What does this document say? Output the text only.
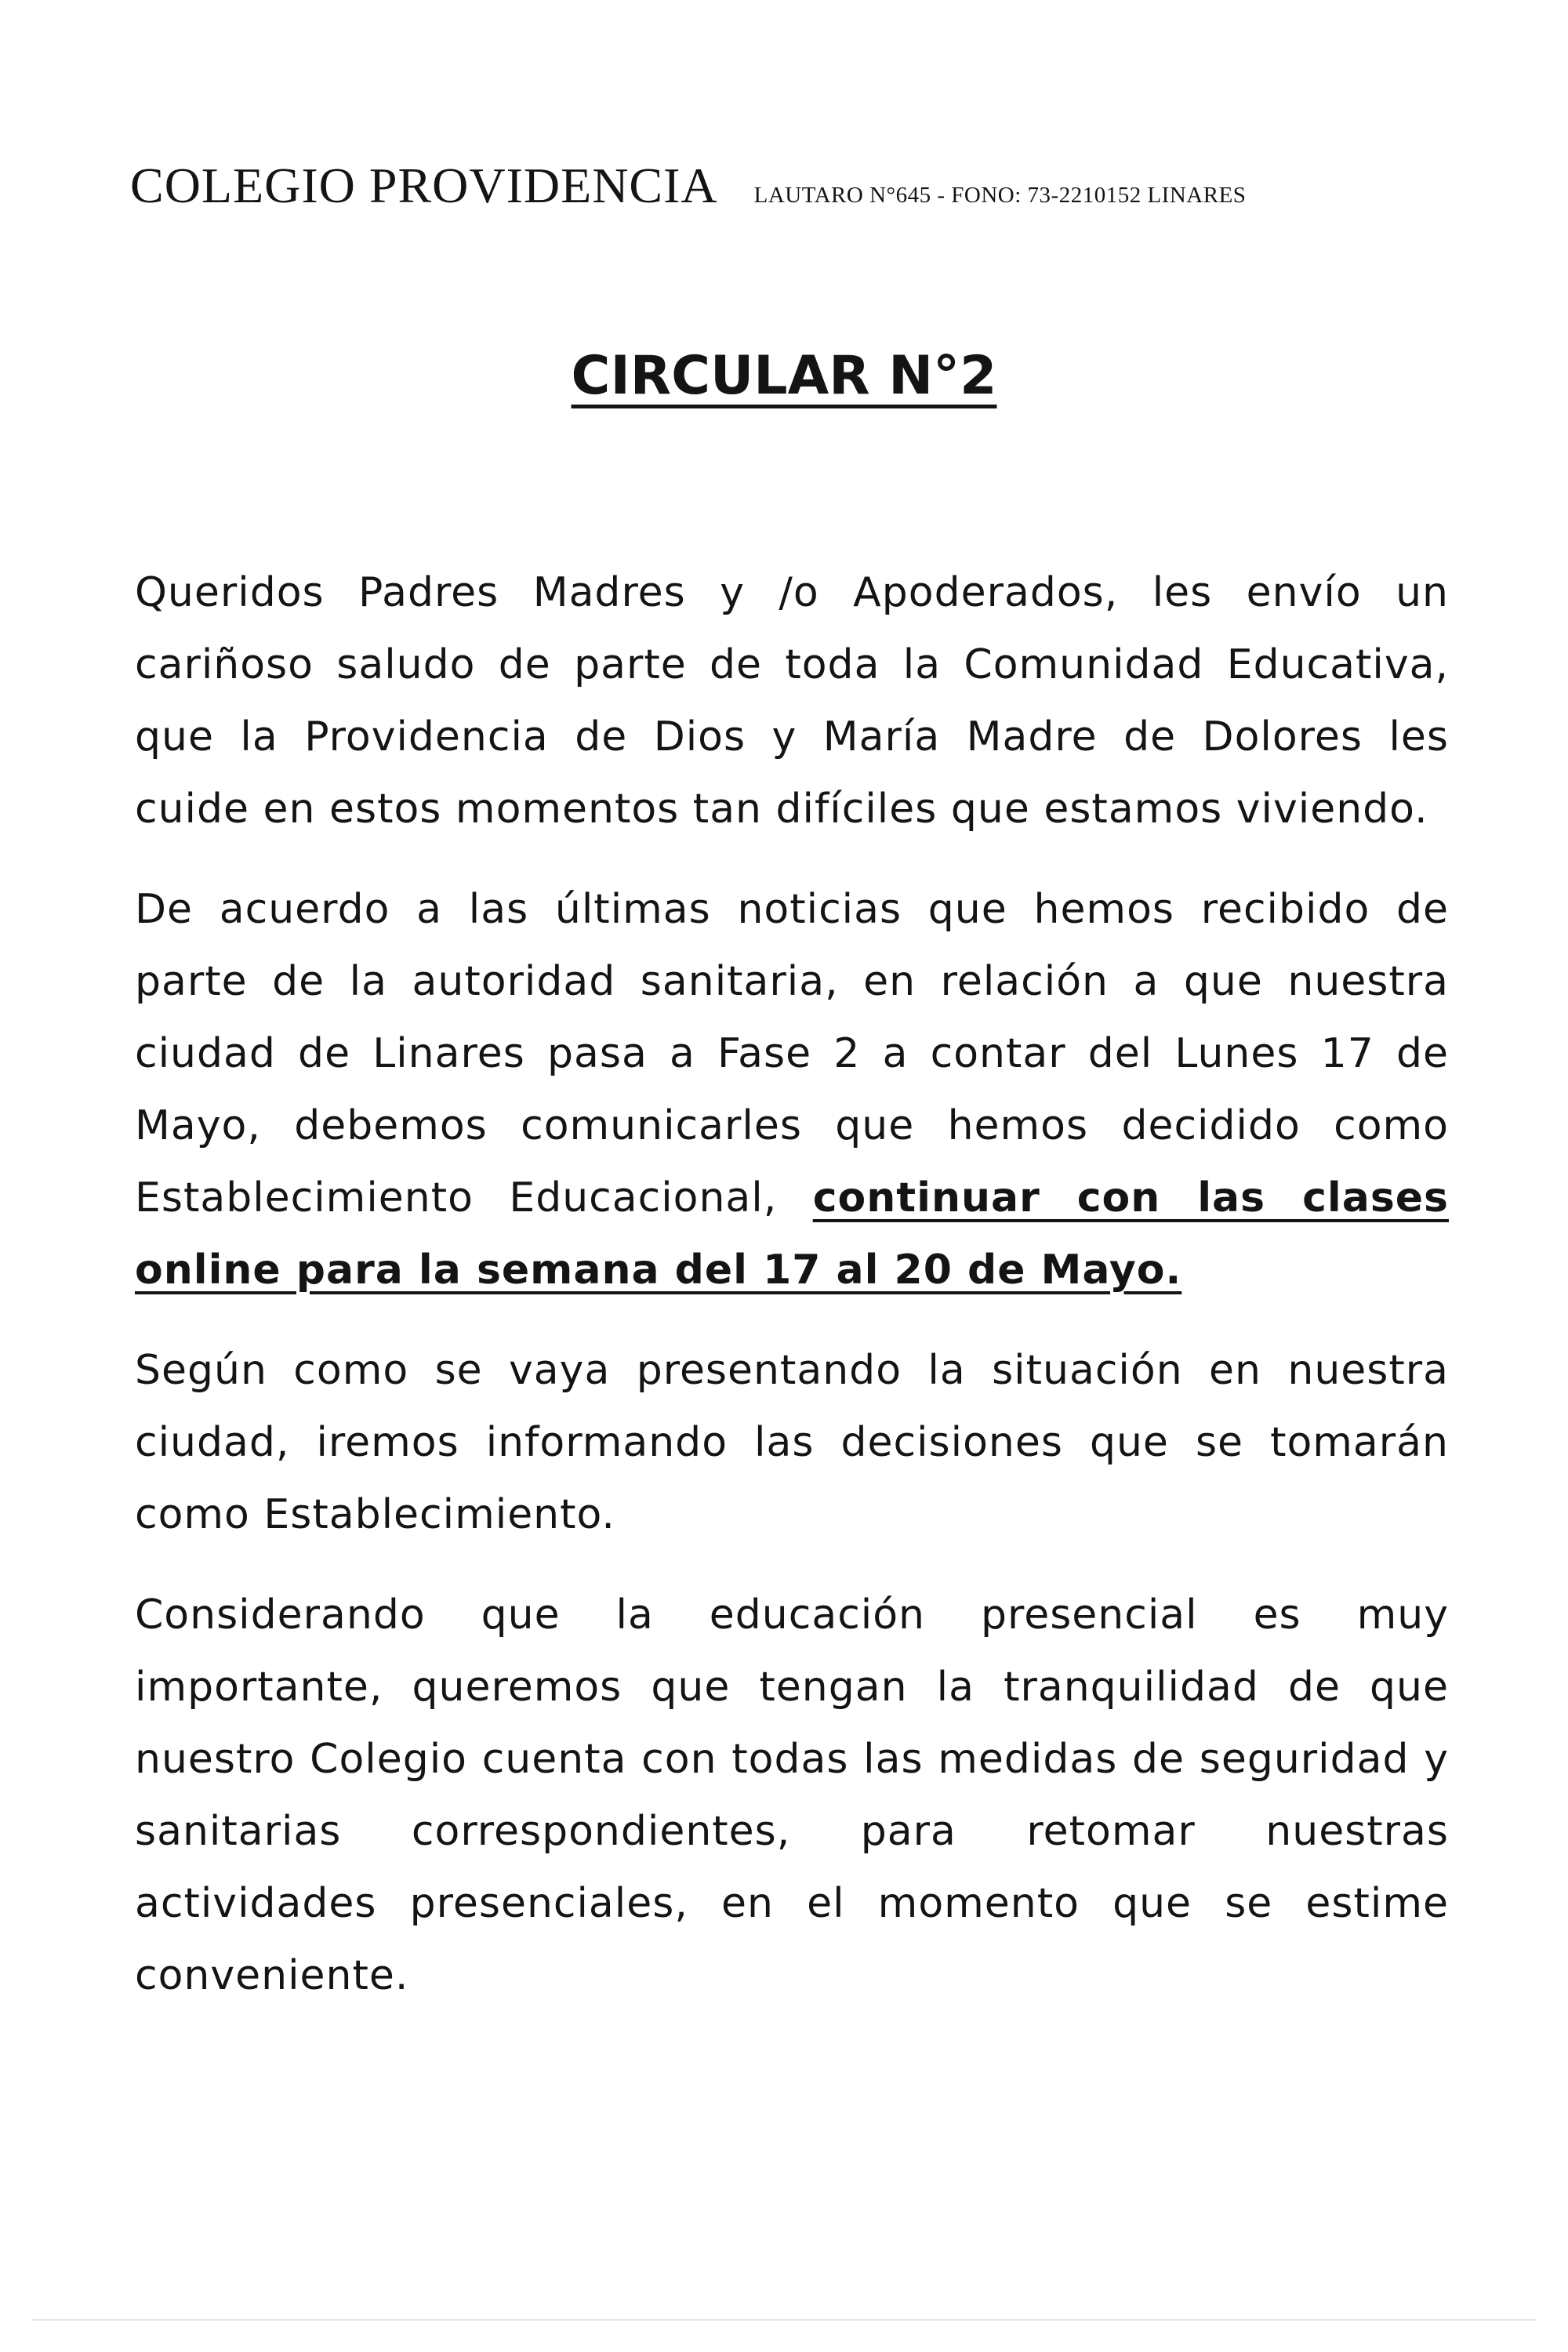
COLEGIO PROVIDENCIA LAUTARO N°645 - FONO: 73-2210152 LINARES
CIRCULAR N°2

Queridos Padres Madres y /o Apoderados, les envío un cariñoso saludo de parte de toda la Comunidad Educativa, que la Providencia de Dios y María Madre de Dolores les cuide en estos momentos tan difíciles que estamos viviendo.

De acuerdo a las últimas noticias que hemos recibido de parte de la autoridad sanitaria, en relación a que nuestra ciudad de Linares pasa a Fase 2 a contar del Lunes 17 de Mayo, debemos comunicarles que hemos decidido como Establecimiento Educacional, continuar con las clases online para la semana del 17 al 20 de Mayo.

Según como se vaya presentando la situación en nuestra ciudad, iremos informando las decisiones que se tomarán como Establecimiento.

Considerando que la educación presencial es muy importante, queremos que tengan la tranquilidad de que nuestro Colegio cuenta con todas las medidas de seguridad y sanitarias correspondientes, para retomar nuestras actividades presenciales, en el momento que se estime conveniente.
